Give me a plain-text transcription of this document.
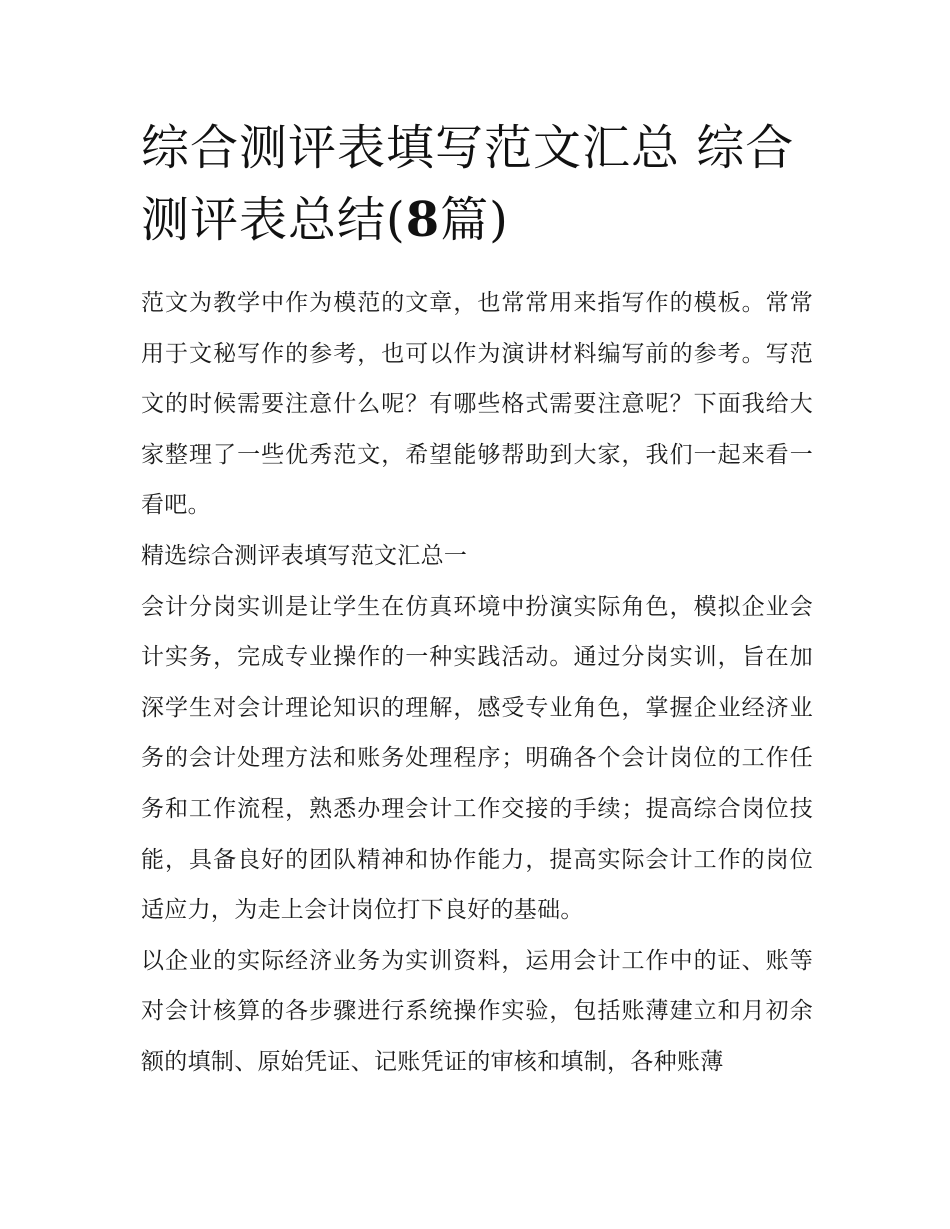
综合测评表填写范文汇总 综合测评表总结(8篇)

范文为教学中作为模范的文章，也常常用来指写作的模板。常常用于文秘写作的参考，也可以作为演讲材料编写前的参考。写范文的时候需要注意什么呢？有哪些格式需要注意呢？下面我给大家整理了一些优秀范文，希望能够帮助到大家，我们一起来看一看吧。

精选综合测评表填写范文汇总一

会计分岗实训是让学生在仿真环境中扮演实际角色，模拟企业会计实务，完成专业操作的一种实践活动。通过分岗实训，旨在加深学生对会计理论知识的理解，感受专业角色，掌握企业经济业务的会计处理方法和账务处理程序；明确各个会计岗位的工作任务和工作流程，熟悉办理会计工作交接的手续；提高综合岗位技能，具备良好的团队精神和协作能力，提高实际会计工作的岗位适应力，为走上会计岗位打下良好的基础。

以企业的实际经济业务为实训资料，运用会计工作中的证、账等对会计核算的各步骤进行系统操作实验，包括账薄建立和月初余额的填制、原始凭证、记账凭证的审核和填制，各种账薄
